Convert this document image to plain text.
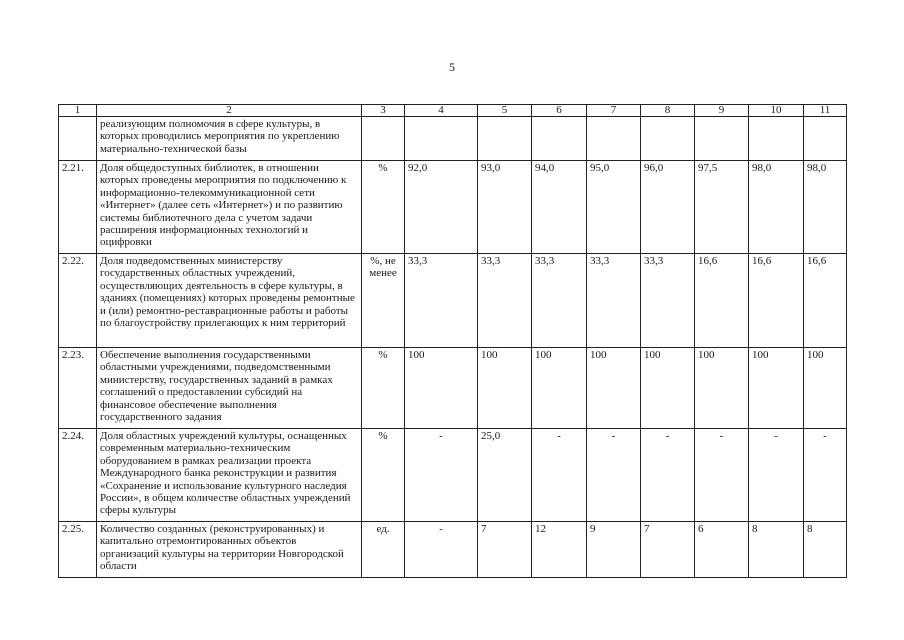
5
1	2	3	4	5	6	7	8	9	10	11
	реализующим полномочия в сфере культуры, в которых проводились мероприятия по укреплению материально-технической базы									
2.21.	Доля общедоступных библиотек, в отношении которых проведены мероприятия по подключению к информационно-телекоммуникационной сети «Интернет» (далее сеть «Интернет») и по развитию системы библиотечного дела с учетом задачи расширения информационных технологий и оцифровки	%	92,0	93,0	94,0	95,0	96,0	97,5	98,0	98,0
2.22.	Доля подведомственных министерству государственных областных учреждений, осуществляющих деятельность в сфере культуры, в зданиях (помещениях) которых проведены ремонтные и (или) ремонтно-реставрационные работы и работы по благоустройству прилегающих к ним территорий	%, не менее	33,3	33,3	33,3	33,3	33,3	16,6	16,6	16,6
2.23.	Обеспечение выполнения государственными областными учреждениями, подведомственными министерству, государственных заданий в рамках соглашений о предоставлении субсидий на финансовое обеспечение выполнения государственного задания	%	100	100	100	100	100	100	100	100
2.24.	Доля областных учреждений культуры, оснащенных современным материально-техническим оборудованием в рамках реализации проекта Международного банка реконструкции и развития «Сохранение и использование культурного наследия России», в общем количестве областных учреждений сферы культуры	%	-	25,0	-	-	-	-	-	-
2.25.	Количество созданных (реконструированных) и капитально отремонтированных объектов организаций культуры на территории Новгородской области	ед.	-	7	12	9	7	6	8	8
